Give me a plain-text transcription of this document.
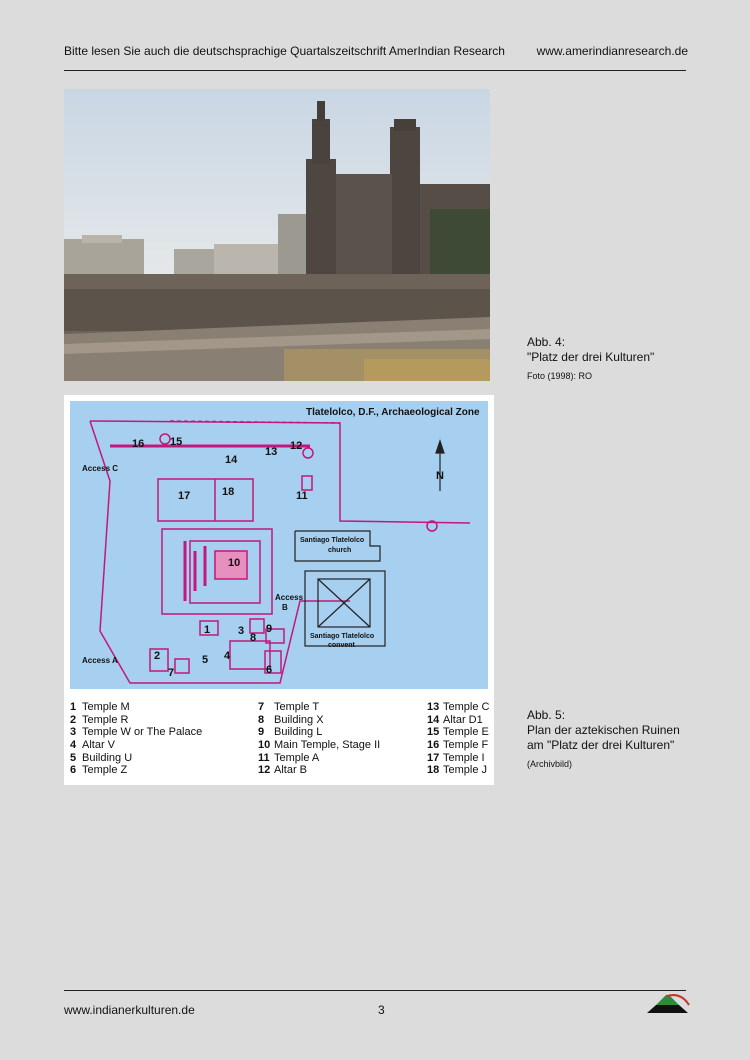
Bitte lesen Sie auch die deutschsprachige Quartalszeitschrift AmerIndian Research	www.amerindianresearch.de
Abb. 4:
"Platz der drei Kulturen"
Foto (1998): RO
Tlatelolco, D.F., Archaeological Zone
N
Access C
Access A
Access
B
Santiago Tlatelolco
church
Santiago Tlatelolco
convent
16 15
14
13 12
11
17	18
10
1
2
3
4
5
6
7
8
9
1 Temple M
2 Temple R
3 Temple W or The Palace
4 Altar V
5 Building U
6 Temple Z
7 Temple T
8 Building X
9 Building L
10 Main Temple, Stage II
11 Temple A
12 Altar B
13 Temple C
14 Altar D1
15 Temple E
16 Temple F
17 Temple I
18 Temple J
Abb. 5:
Plan der aztekischen Ruinen am "Platz der drei Kulturen"
(Archivbild)
www.indianerkulturen.de	3
